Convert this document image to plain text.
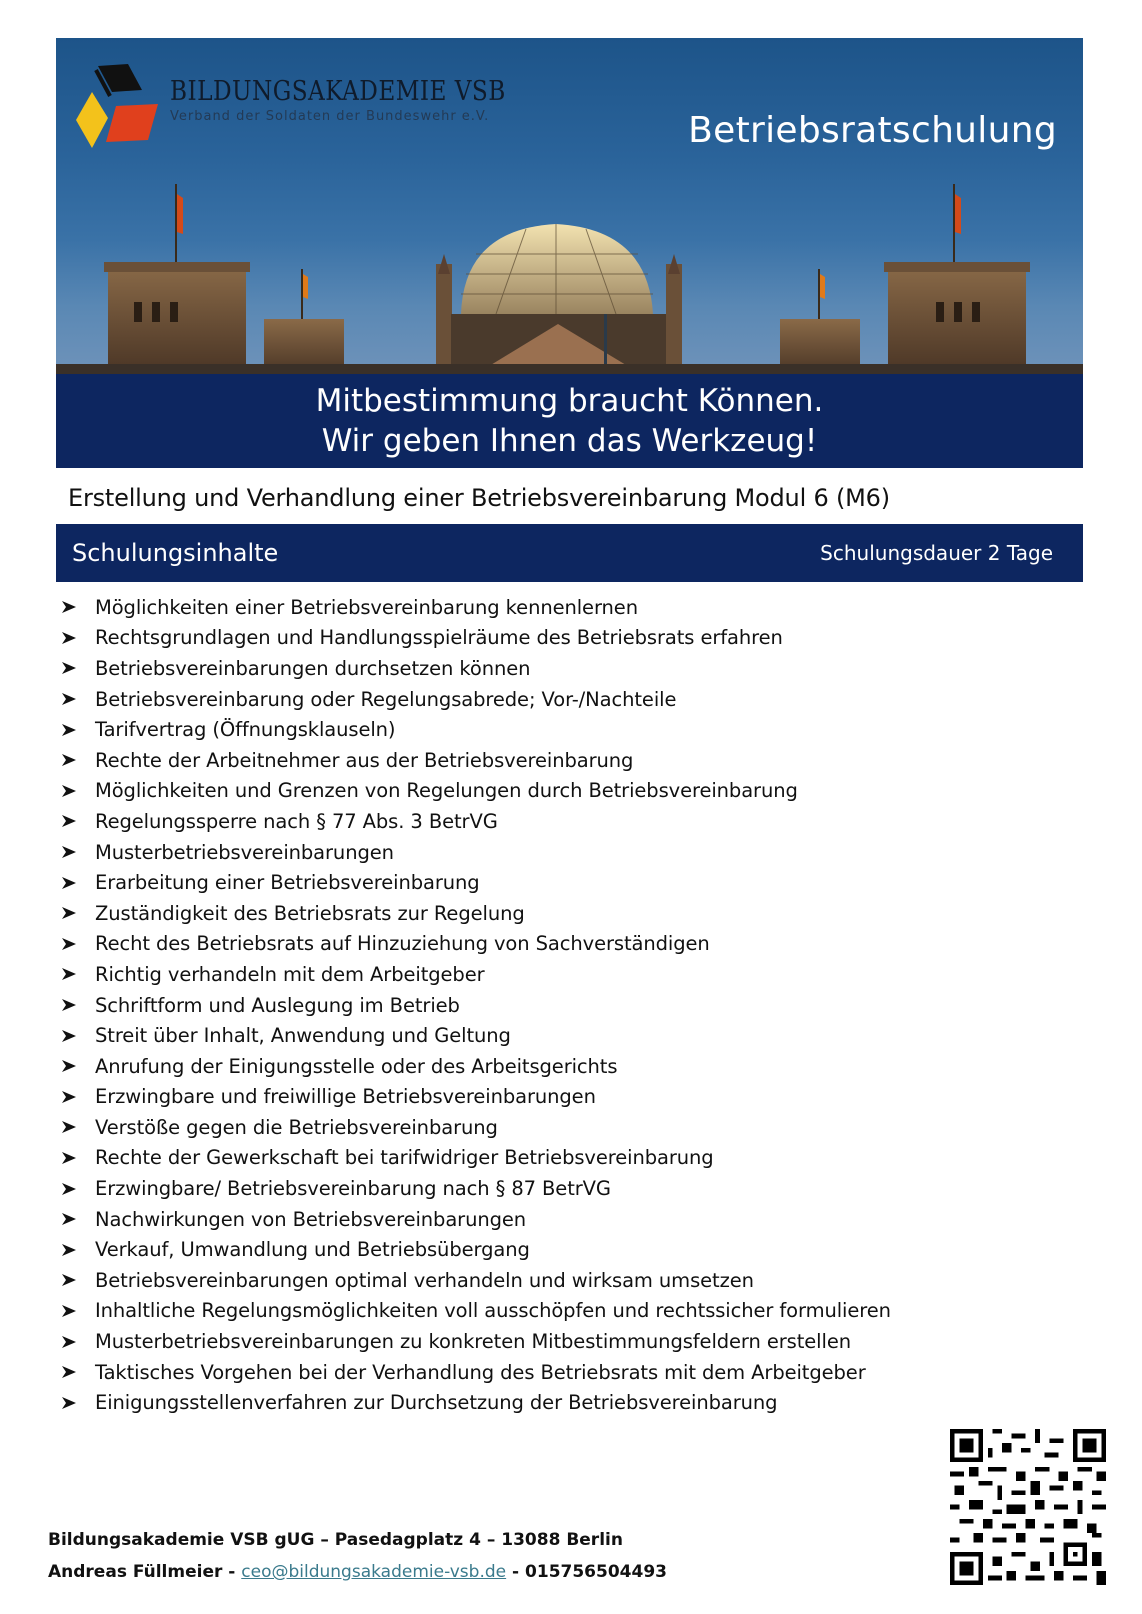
BILDUNGSAKADEMIE VSB
Verband der Soldaten der Bundeswehr e.V.	Betriebsratschulung
Mitbestimmung braucht Können.
Wir geben Ihnen das Werkzeug!
Erstellung und Verhandlung einer Betriebsvereinbarung Modul 6 (M6)
Schulungsinhalte	Schulungsdauer 2 Tage
Möglichkeiten einer Betriebsvereinbarung kennenlernen
Rechtsgrundlagen und Handlungsspielräume des Betriebsrats erfahren
Betriebsvereinbarungen durchsetzen können
Betriebsvereinbarung oder Regelungsabrede; Vor-/Nachteile
Tarifvertrag (Öffnungsklauseln)
Rechte der Arbeitnehmer aus der Betriebsvereinbarung
Möglichkeiten und Grenzen von Regelungen durch Betriebsvereinbarung
Regelungssperre nach § 77 Abs. 3 BetrVG
Musterbetriebsvereinbarungen
Erarbeitung einer Betriebsvereinbarung
Zuständigkeit des Betriebsrats zur Regelung
Recht des Betriebsrats auf Hinzuziehung von Sachverständigen
Richtig verhandeln mit dem Arbeitgeber
Schriftform und Auslegung im Betrieb
Streit über Inhalt, Anwendung und Geltung
Anrufung der Einigungsstelle oder des Arbeitsgerichts
Erzwingbare und freiwillige Betriebsvereinbarungen
Verstöße gegen die Betriebsvereinbarung
Rechte der Gewerkschaft bei tarifwidriger Betriebsvereinbarung
Erzwingbare/ Betriebsvereinbarung nach § 87 BetrVG
Nachwirkungen von Betriebsvereinbarungen
Verkauf, Umwandlung und Betriebsübergang
Betriebsvereinbarungen optimal verhandeln und wirksam umsetzen
Inhaltliche Regelungsmöglichkeiten voll ausschöpfen und rechtssicher formulieren
Musterbetriebsvereinbarungen zu konkreten Mitbestimmungsfeldern erstellen
Taktisches Vorgehen bei der Verhandlung des Betriebsrats mit dem Arbeitgeber
Einigungsstellenverfahren zur Durchsetzung der Betriebsvereinbarung
Bildungsakademie VSB gUG – Pasedagplatz 4 – 13088 Berlin
Andreas Füllmeier - ceo@bildungsakademie-vsb.de - 015756504493
